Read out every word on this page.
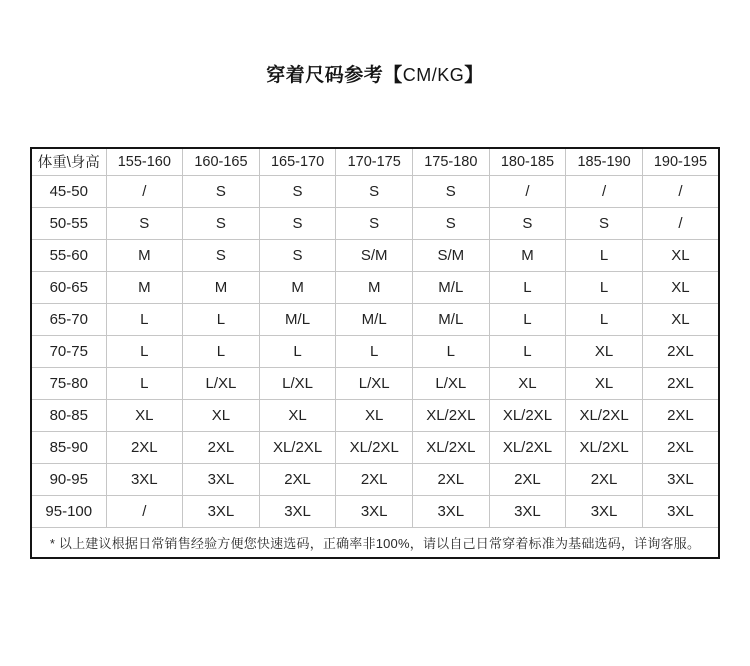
穿着尺码参考【CM/KG】
体重\身高	155-160	160-165	165-170	170-175	175-180	180-185	185-190	190-195
45-50	/	S	S	S	S	/	/	/
50-55	S	S	S	S	S	S	S	/
55-60	M	S	S	S/M	S/M	M	L	XL
60-65	M	M	M	M	M/L	L	L	XL
65-70	L	L	M/L	M/L	M/L	L	L	XL
70-75	L	L	L	L	L	L	XL	2XL
75-80	L	L/XL	L/XL	L/XL	L/XL	XL	XL	2XL
80-85	XL	XL	XL	XL	XL/2XL	XL/2XL	XL/2XL	2XL
85-90	2XL	2XL	XL/2XL	XL/2XL	XL/2XL	XL/2XL	XL/2XL	2XL
90-95	3XL	3XL	2XL	2XL	2XL	2XL	2XL	3XL
95-100	/	3XL	3XL	3XL	3XL	3XL	3XL	3XL
* 以上建议根据日常销售经验方便您快速选码，正确率非100%，请以自己日常穿着标准为基础选码，详询客服。								
